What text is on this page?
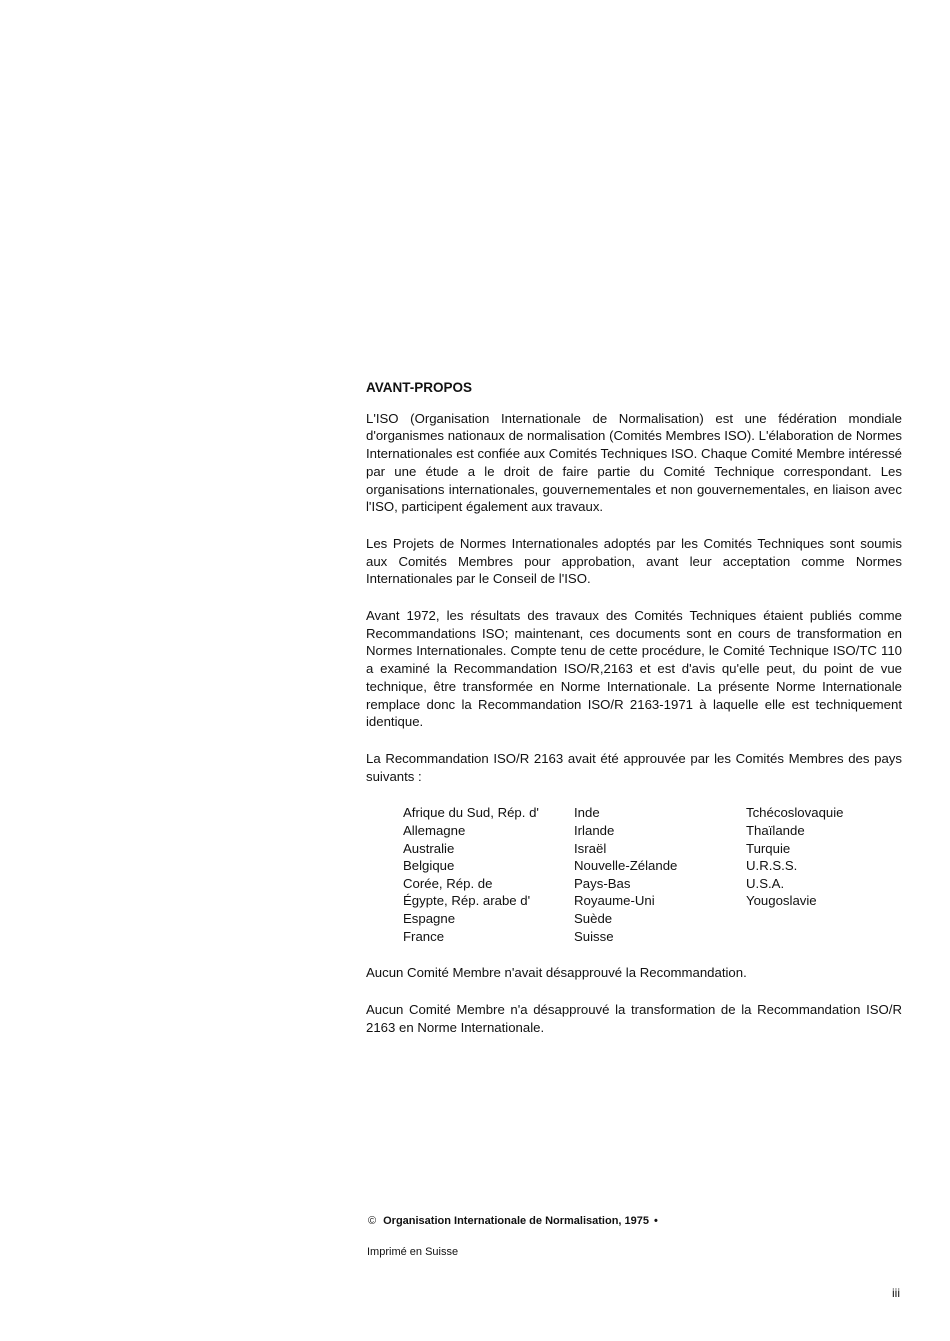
AVANT-PROPOS

L'ISO (Organisation Internationale de Normalisation) est une fédération mondiale d'organismes nationaux de normalisation (Comités Membres ISO). L'élaboration de Normes Internationales est confiée aux Comités Techniques ISO. Chaque Comité Membre intéressé par une étude a le droit de faire partie du Comité Technique correspondant. Les organisations internationales, gouvernementales et non gouvernementales, en liaison avec l'ISO, participent également aux travaux.

Les Projets de Normes Internationales adoptés par les Comités Techniques sont soumis aux Comités Membres pour approbation, avant leur acceptation comme Normes Internationales par le Conseil de l'ISO.

Avant 1972, les résultats des travaux des Comités Techniques étaient publiés comme Recommandations ISO; maintenant, ces documents sont en cours de transformation en Normes Internationales. Compte tenu de cette procédure, le Comité Technique ISO/TC 110 a examiné la Recommandation ISO/R,2163 et est d'avis qu'elle peut, du point de vue technique, être transformée en Norme Internationale. La présente Norme Internationale remplace donc la Recommandation ISO/R 2163-1971 à laquelle elle est techniquement identique.

La Recommandation ISO/R 2163 avait été approuvée par les Comités Membres des pays suivants :

Afrique du Sud, Rép. d'
Allemagne
Australie
Belgique
Corée, Rép. de
Égypte, Rép. arabe d'
Espagne
France
Inde
Irlande
Israël
Nouvelle-Zélande
Pays-Bas
Royaume-Uni
Suède
Suisse
Tchécoslovaquie
Thaïlande
Turquie
U.R.S.S.
U.S.A.
Yougoslavie

Aucun Comité Membre n'avait désapprouvé la Recommandation.

Aucun Comité Membre n'a désapprouvé la transformation de la Recommandation ISO/R 2163 en Norme Internationale.

© Organisation Internationale de Normalisation, 1975 •
Imprimé en Suisse
iii
